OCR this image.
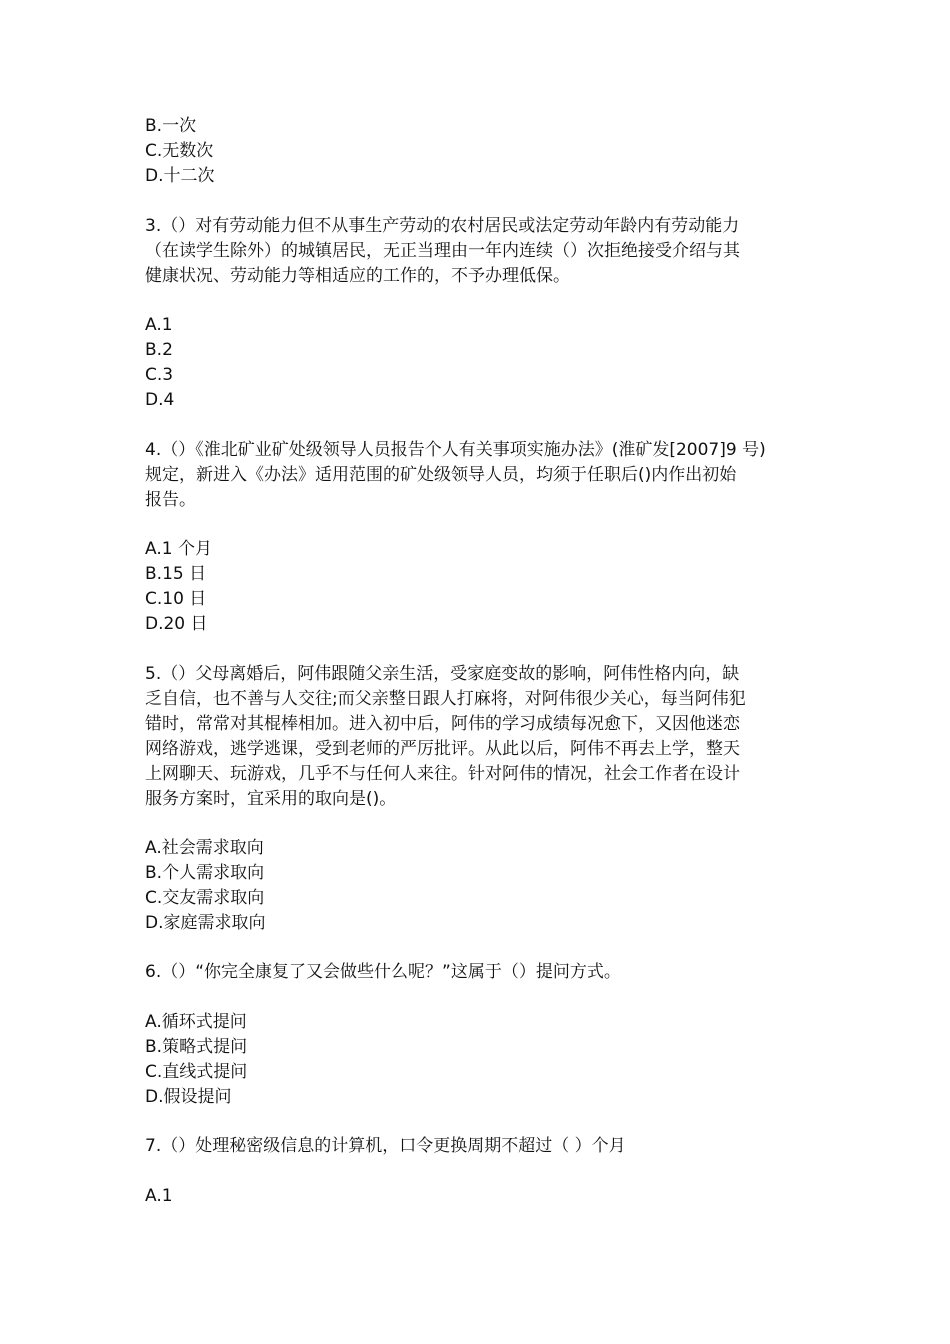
B.一次
C.无数次
D.十二次
3.（）对有劳动能力但不从事生产劳动的农村居民或法定劳动年龄内有劳动能力
（在读学生除外）的城镇居民，无正当理由一年内连续（）次拒绝接受介绍与其
健康状况、劳动能力等相适应的工作的，不予办理低保。
A.1
B.2
C.3
D.4
4.（）《淮北矿业矿处级领导人员报告个人有关事项实施办法》(淮矿发[2007]9 号)
规定，新进入《办法》适用范围的矿处级领导人员，均须于任职后()内作出初始
报告。
A.1 个月
B.15 日
C.10 日
D.20 日
5.（）父母离婚后，阿伟跟随父亲生活，受家庭变故的影响，阿伟性格内向，缺
乏自信，也不善与人交往;而父亲整日跟人打麻将，对阿伟很少关心，每当阿伟犯
错时，常常对其棍棒相加。进入初中后，阿伟的学习成绩每况愈下，又因他迷恋
网络游戏，逃学逃课，受到老师的严厉批评。从此以后，阿伟不再去上学，整天
上网聊天、玩游戏，几乎不与任何人来往。针对阿伟的情况，社会工作者在设计
服务方案时，宜采用的取向是()。
A.社会需求取向
B.个人需求取向
C.交友需求取向
D.家庭需求取向
6.（）“你完全康复了又会做些什么呢？”这属于（）提问方式。
A.循环式提问
B.策略式提问
C.直线式提问
D.假设提问
7.（）处理秘密级信息的计算机，口令更换周期不超过（ ）个月
A.1
